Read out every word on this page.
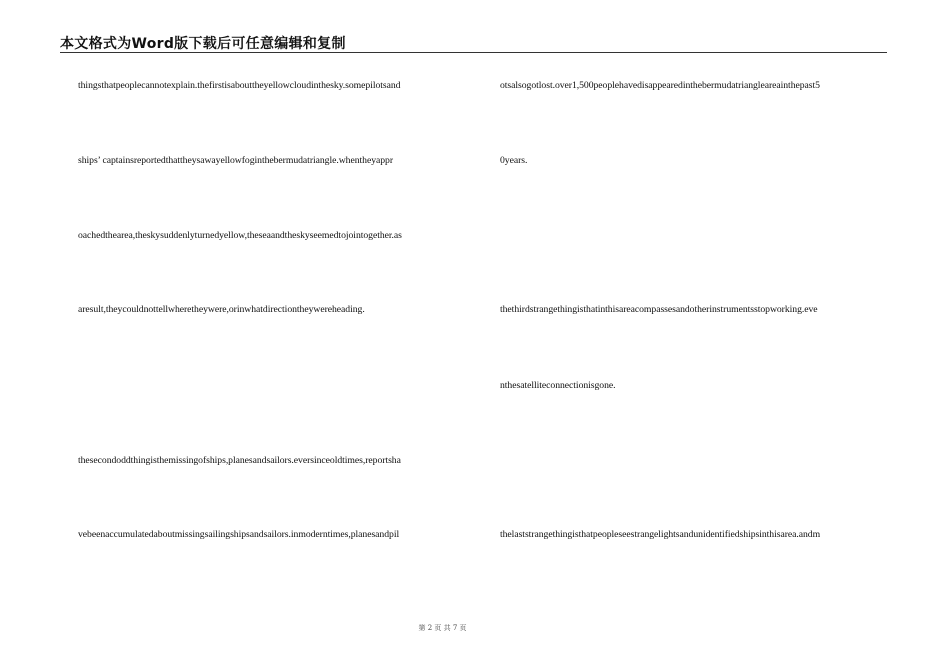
本文格式为Word版下载后可任意编辑和复制
thingsthatpeoplecannotexplain.thefirstisabouttheyellowcloudinthesky.somepilotsand
ships’ captainsreportedthattheysawayellowfoginthebermudatriangle.whentheyappr
oachedthearea,theskysuddenlyturnedyellow,theseaandtheskyseemedtojointogether.as
aresult,theycouldnottellwheretheywere,orinwhatdirectiontheywereheading.
thesecondoddthingisthemissingofships,planesandsailors.eversinceoldtimes,reportsha
vebeenaccumulatedaboutmissingsailingshipsandsailors.inmoderntimes,planesandpil
otsalsogotlost.over1,500peoplehavedisappearedinthebermudatriangleareainthepast5
0years.
thethirdstrangethingisthatinthisareacompassesandotherinstrumentsstopworking.eve
nthesatelliteconnectionisgone.
thelaststrangethingisthatpeopleseestrangelightsandunidentifiedshipsinthisarea.andm
第 2 页 共 7 页
